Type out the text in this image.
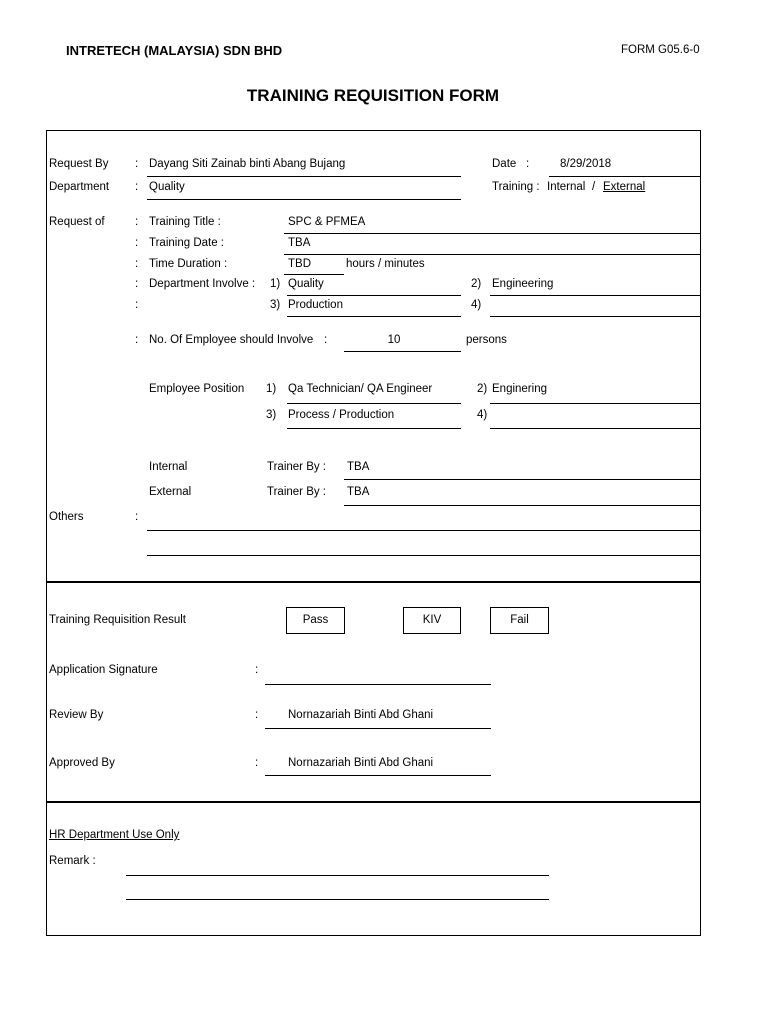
INTRETECH (MALAYSIA) SDN BHD	FORM G05.6-0
TRAINING REQUISITION FORM
Request By : Dayang Siti Zainab binti Abang Bujang	Date :	8/29/2018
Department : Quality	Training : Internal / External
Request of	: Training Title :	SPC & PFMEA
: Training Date :	TBA
: Time Duration :	TBD	hours / minutes
: Department Involve : 1) Quality	2) Engineering
:	3) Production	4)
: No. Of Employee should Involve :	10	persons
Employee Position 1) Qa Technician/ QA Engineer	2) Enginering
3) Process / Production	4)
Internal	Trainer By : TBA
External	Trainer By : TBA
Others	:
Training Requisition Result	Pass	KIV	Fail
Application Signature	:
Review By	:	Nornazariah Binti Abd Ghani
Approved By	:	Nornazariah Binti Abd Ghani
HR Department Use Only
Remark :
